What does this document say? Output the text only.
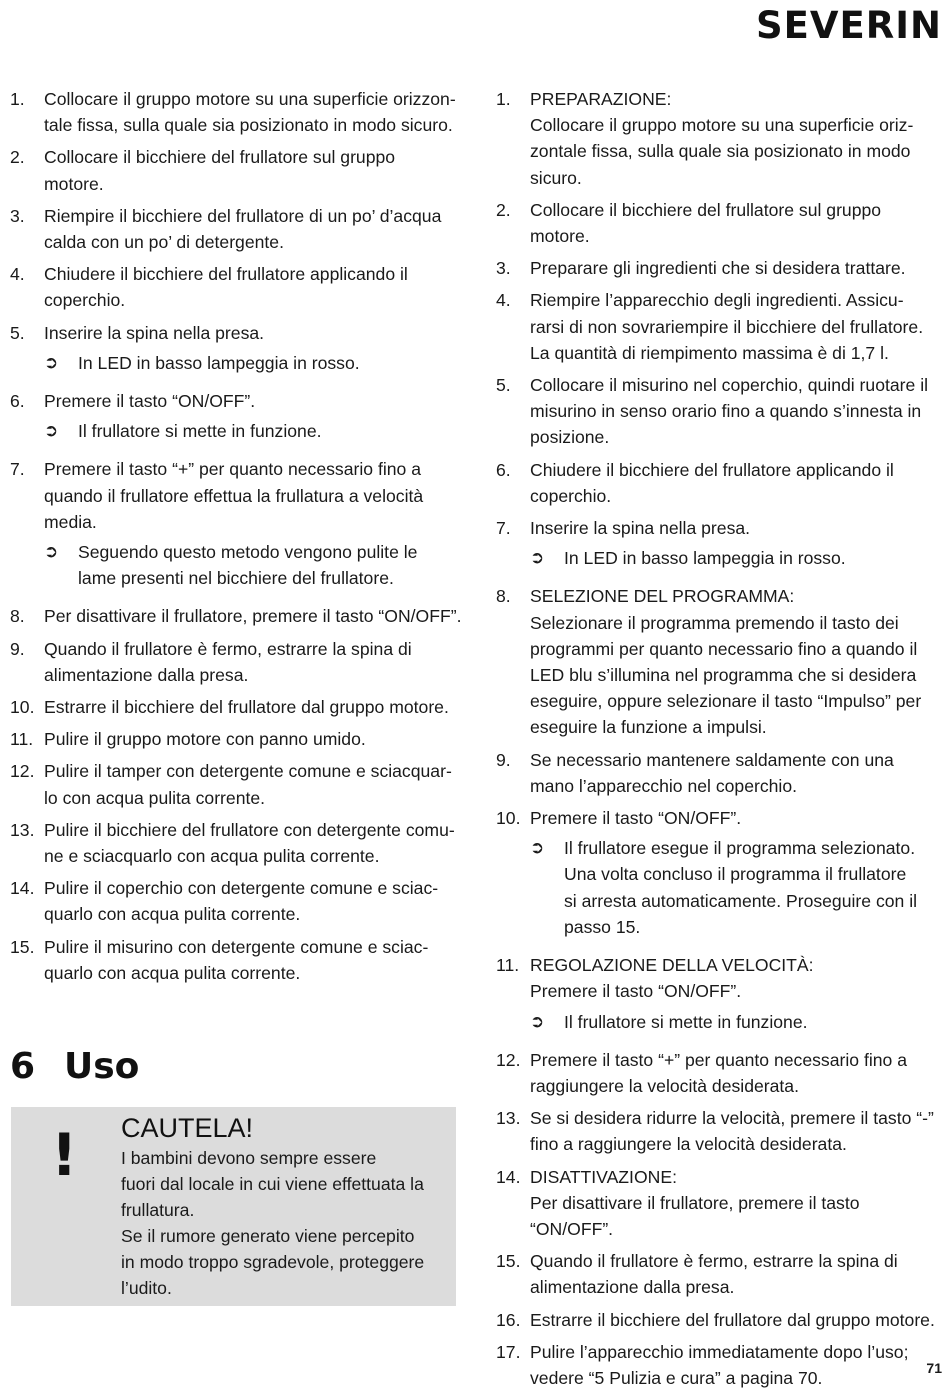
SEVERIN
1.	Collocare il gruppo motore su una superficie orizzon-
tale fissa, sulla quale sia posizionato in modo sicuro.
2.	Collocare il bicchiere del frullatore sul gruppo
motore.
3.	Riempire il bicchiere del frullatore di un po’ d’acqua
calda con un po’ di detergente.
4.	Chiudere il bicchiere del frullatore applicando il
coperchio.
5.	Inserire la spina nella presa.
➲	In LED in basso lampeggia in rosso.
6.	Premere il tasto “ON/OFF”.
➲	Il frullatore si mette in funzione.
7.	Premere il tasto “+” per quanto necessario fino a
quando il frullatore effettua la frullatura a velocità
media.
➲	Seguendo questo metodo vengono pulite le
lame presenti nel bicchiere del frullatore.
8.	Per disattivare il frullatore, premere il tasto “ON/OFF”.
9.	Quando il frullatore è fermo, estrarre la spina di
alimentazione dalla presa.
10. Estrarre il bicchiere del frullatore dal gruppo motore.
11. Pulire il gruppo motore con panno umido.
12. Pulire il tamper con detergente comune e sciacquar-
lo con acqua pulita corrente.
13. Pulire il bicchiere del frullatore con detergente comu-
ne e sciacquarlo con acqua pulita corrente.
14. Pulire il coperchio con detergente comune e sciac-
quarlo con acqua pulita corrente.
15. Pulire il misurino con detergente comune e sciac-
quarlo con acqua pulita corrente.
6 Uso
! CAUTELA!
I bambini devono sempre essere
fuori dal locale in cui viene effettuata la
frullatura.
Se il rumore generato viene percepito
in modo troppo sgradevole, proteggere
l’udito.
1.	PREPARAZIONE:
Collocare il gruppo motore su una superficie oriz-
zontale fissa, sulla quale sia posizionato in modo
sicuro.
2.	Collocare il bicchiere del frullatore sul gruppo
motore.
3.	Preparare gli ingredienti che si desidera trattare.
4.	Riempire l’apparecchio degli ingredienti. Assicu-
rarsi di non sovrariempire il bicchiere del frullatore.
La quantità di riempimento massima è di 1,7 l.
5.	Collocare il misurino nel coperchio, quindi ruotare il
misurino in senso orario fino a quando s’innesta in
posizione.
6.	Chiudere il bicchiere del frullatore applicando il
coperchio.
7.	Inserire la spina nella presa.
➲	In LED in basso lampeggia in rosso.
8.	SELEZIONE DEL PROGRAMMA:
Selezionare il programma premendo il tasto dei
programmi per quanto necessario fino a quando il
LED blu s’illumina nel programma che si desidera
eseguire, oppure selezionare il tasto “Impulso” per
eseguire la funzione a impulsi.
9.	Se necessario mantenere saldamente con una
mano l’apparecchio nel coperchio.
10. Premere il tasto “ON/OFF”.
➲	Il frullatore esegue il programma selezionato.
Una volta concluso il programma il frullatore
si arresta automaticamente. Proseguire con il
passo 15.
11. REGOLAZIONE DELLA VELOCITÀ:
Premere il tasto “ON/OFF”.
➲	Il frullatore si mette in funzione.
12. Premere il tasto “+” per quanto necessario fino a
raggiungere la velocità desiderata.
13. Se si desidera ridurre la velocità, premere il tasto “-”
fino a raggiungere la velocità desiderata.
14. DISATTIVAZIONE:
Per disattivare il frullatore, premere il tasto “ON/OFF”.
15. Quando il frullatore è fermo, estrarre la spina di
alimentazione dalla presa.
16. Estrarre il bicchiere del frullatore dal gruppo motore.
17. Pulire l’apparecchio immediatamente dopo l’uso;
vedere “5 Pulizia e cura” a pagina 70.	71
